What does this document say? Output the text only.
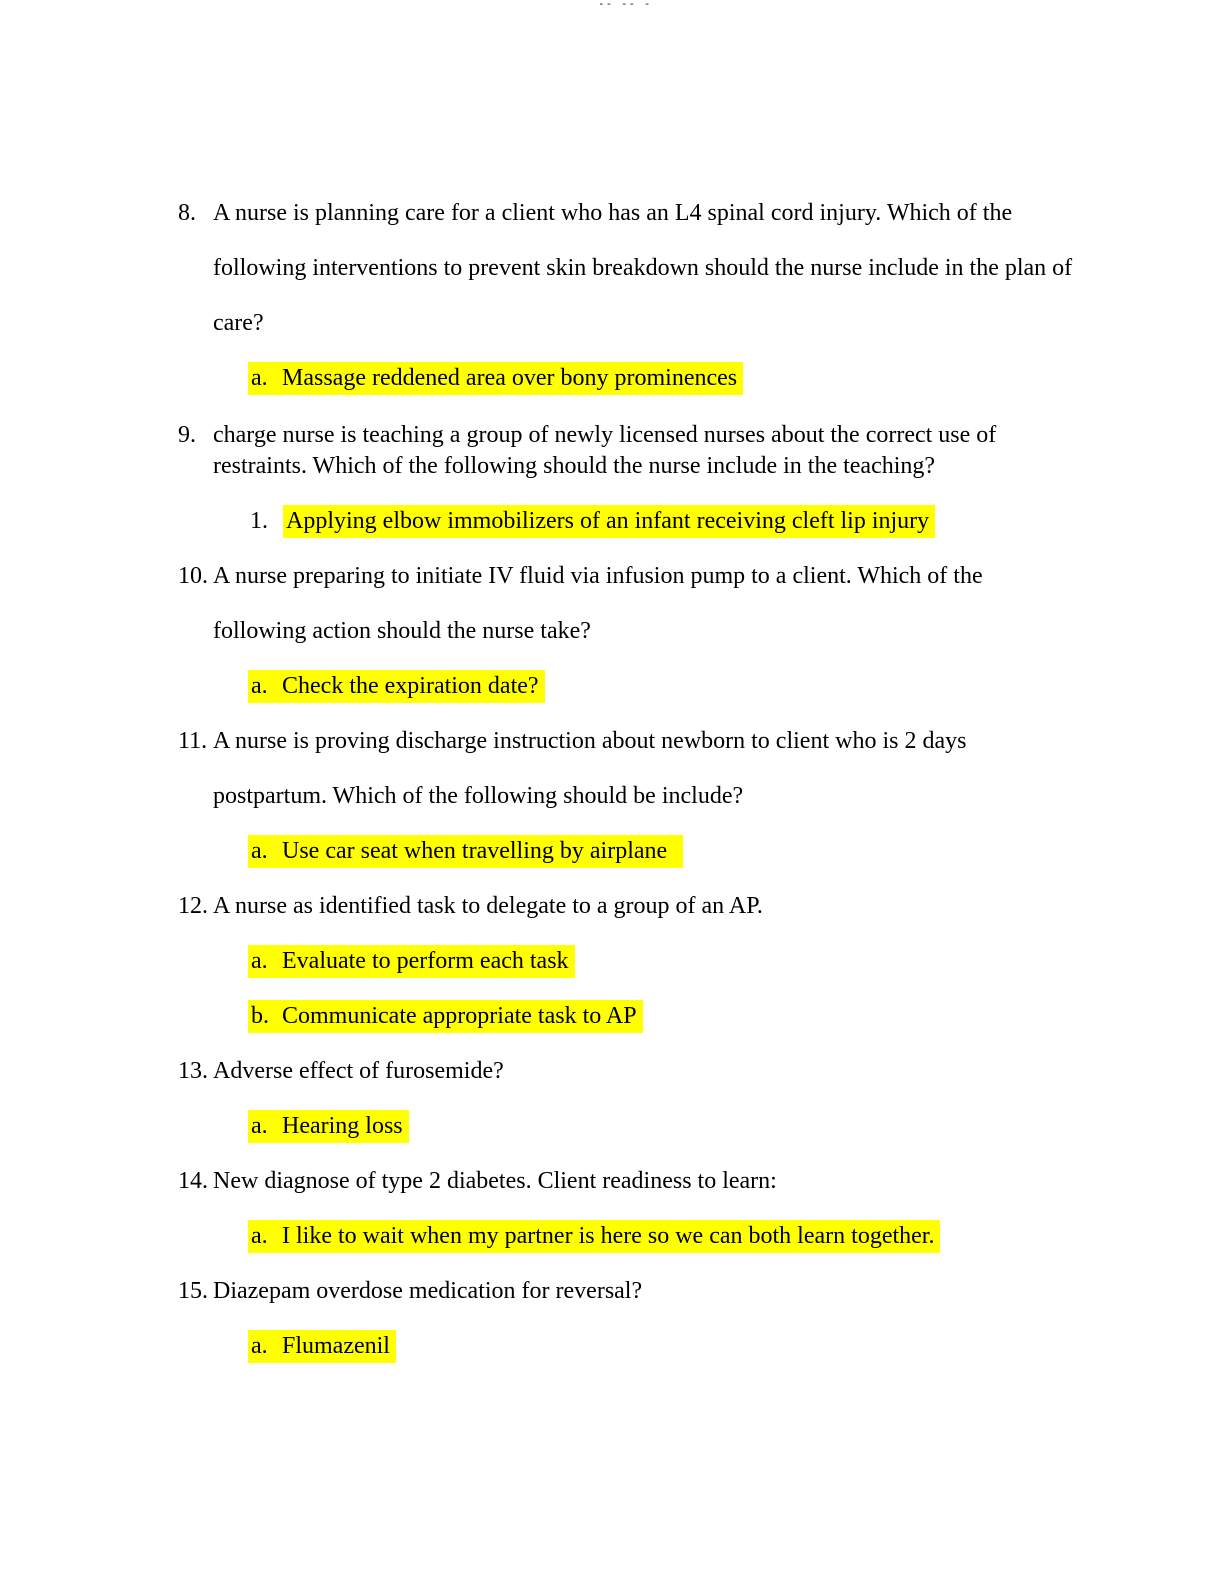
-- -- -
8. A nurse is planning care for a client who has an L4 spinal cord injury. Which of the
following interventions to prevent skin breakdown should the nurse include in the plan of
care?
a. Massage reddened area over bony prominences
9. charge nurse is teaching a group of newly licensed nurses about the correct use of
restraints. Which of the following should the nurse include in the teaching?
1. Applying elbow immobilizers of an infant receiving cleft lip injury
10. A nurse preparing to initiate IV fluid via infusion pump to a client. Which of the
following action should the nurse take?
a. Check the expiration date?
11. A nurse is proving discharge instruction about newborn to client who is 2 days
postpartum. Which of the following should be include?
a. Use car seat when travelling by airplane
12. A nurse as identified task to delegate to a group of an AP.
a. Evaluate to perform each task
b. Communicate appropriate task to AP
13. Adverse effect of furosemide?
a. Hearing loss
14. New diagnose of type 2 diabetes. Client readiness to learn:
a. I like to wait when my partner is here so we can both learn together.
15. Diazepam overdose medication for reversal?
a. Flumazenil
